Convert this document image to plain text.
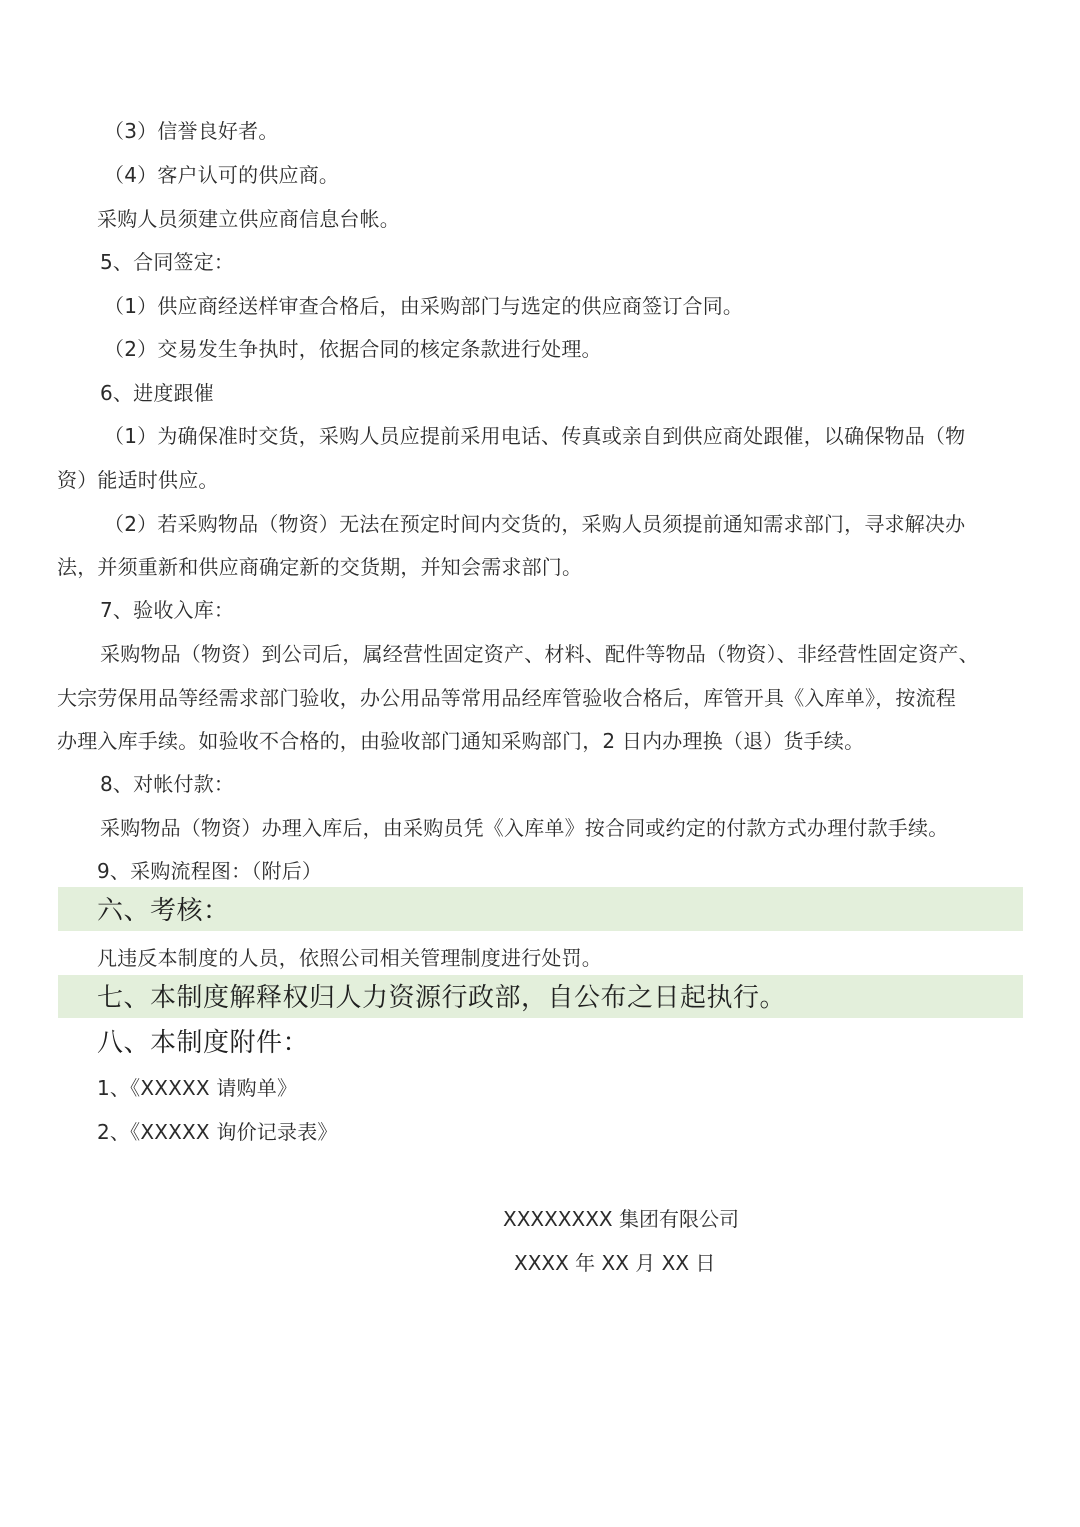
（3）信誉良好者。
（4）客户认可的供应商。
采购人员须建立供应商信息台帐。
5、合同签定：
（1）供应商经送样审查合格后，由采购部门与选定的供应商签订合同。
（2）交易发生争执时，依据合同的核定条款进行处理。
6、进度跟催
（1）为确保准时交货，采购人员应提前采用电话、传真或亲自到供应商处跟催，以确保物品（物
资）能适时供应。
（2）若采购物品（物资）无法在预定时间内交货的，采购人员须提前通知需求部门，寻求解决办
法，并须重新和供应商确定新的交货期，并知会需求部门。
7、验收入库：
采购物品（物资）到公司后，属经营性固定资产、材料、配件等物品（物资）、非经营性固定资产、
大宗劳保用品等经需求部门验收，办公用品等常用品经库管验收合格后，库管开具《入库单》，按流程
办理入库手续。如验收不合格的，由验收部门通知采购部门，2 日内办理换（退）货手续。
8、对帐付款：
采购物品（物资）办理入库后，由采购员凭《入库单》按合同或约定的付款方式办理付款手续。
9、采购流程图：（附后）
六、考核：
凡违反本制度的人员，依照公司相关管理制度进行处罚。
七、本制度解释权归人力资源行政部，自公布之日起执行。
八、本制度附件：
1、《XXXXX 请购单》
2、《XXXXX 询价记录表》
XXXXXXXX 集团有限公司
XXXX 年 XX 月 XX 日
